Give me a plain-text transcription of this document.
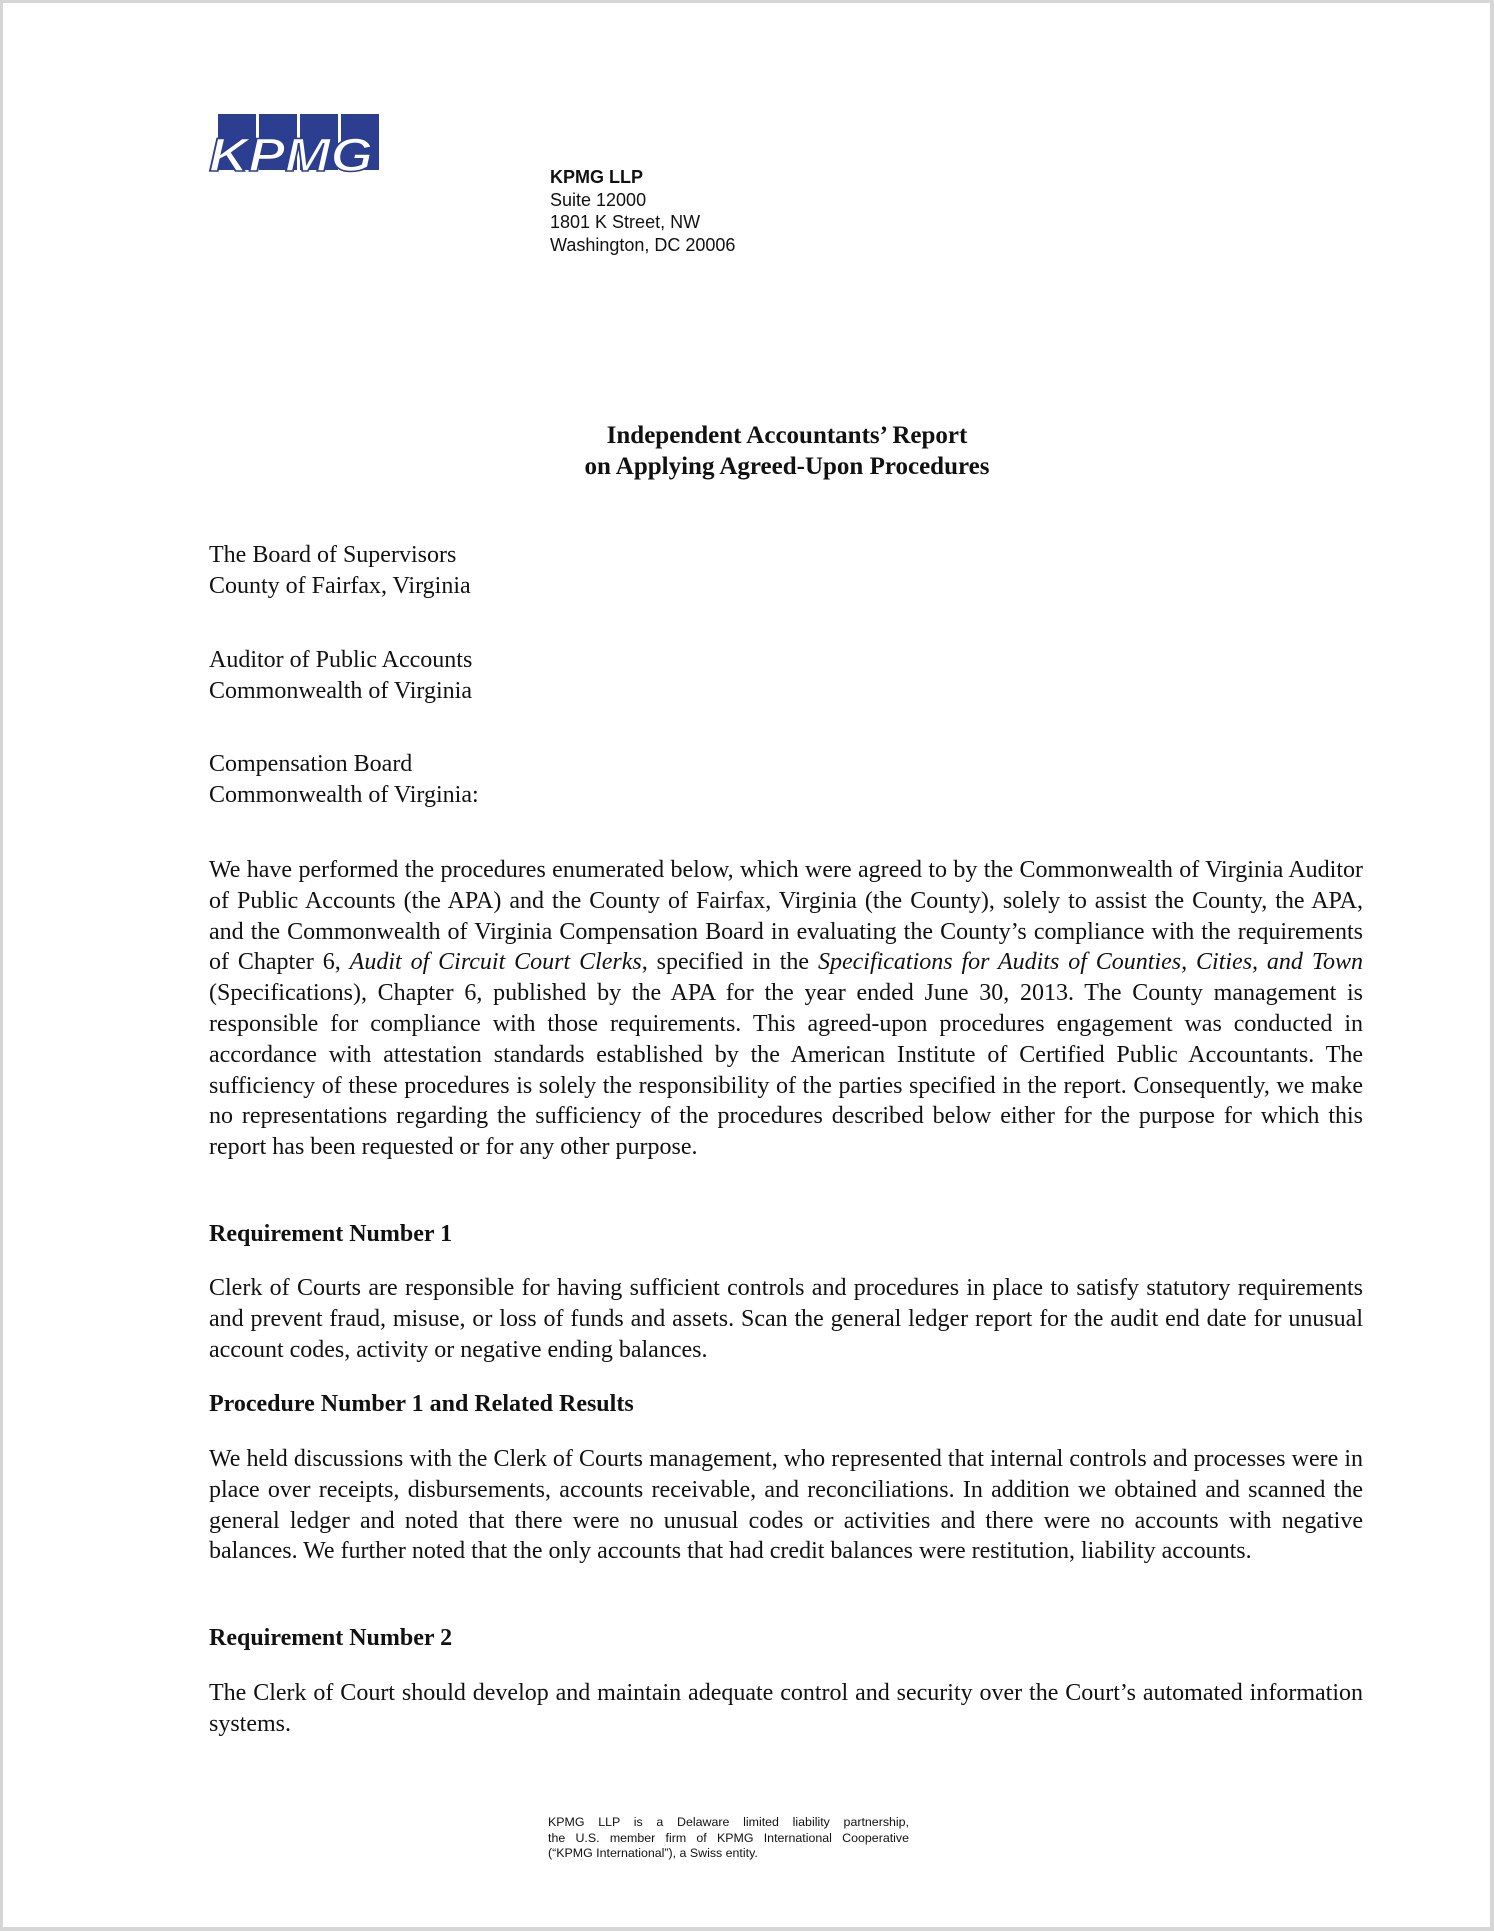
KPMG	KPMG LLP
Suite 12000
1801 K Street, NW
Washington, DC 20006
Independent Accountants’ Report
on Applying Agreed-Upon Procedures
The Board of Supervisors
County of Fairfax, Virginia
Auditor of Public Accounts
Commonwealth of Virginia
Compensation Board
Commonwealth of Virginia:

We have performed the procedures enumerated below, which were agreed to by the Commonwealth of Virginia Auditor of Public Accounts (the APA) and the County of Fairfax, Virginia (the County), solely to assist the County, the APA, and the Commonwealth of Virginia Compensation Board in evaluating the County’s compliance with the requirements of Chapter 6, Audit of Circuit Court Clerks, specified in the Specifications for Audits of Counties, Cities, and Town (Specifications), Chapter 6, published by the APA for the year ended June 30, 2013. The County management is responsible for compliance with those requirements. This agreed-upon procedures engagement was conducted in accordance with attestation standards established by the American Institute of Certified Public Accountants. The sufficiency of these procedures is solely the responsibility of the parties specified in the report. Consequently, we make no representations regarding the sufficiency of the procedures described below either for the purpose for which this report has been requested or for any other purpose.

Requirement Number 1

Clerk of Courts are responsible for having sufficient controls and procedures in place to satisfy statutory requirements and prevent fraud, misuse, or loss of funds and assets. Scan the general ledger report for the audit end date for unusual account codes, activity or negative ending balances.

Procedure Number 1 and Related Results

We held discussions with the Clerk of Courts management, who represented that internal controls and processes were in place over receipts, disbursements, accounts receivable, and reconciliations. In addition we obtained and scanned the general ledger and noted that there were no unusual codes or activities and there were no accounts with negative balances. We further noted that the only accounts that had credit balances were restitution, liability accounts.

Requirement Number 2

The Clerk of Court should develop and maintain adequate control and security over the Court’s automated information systems.

KPMG LLP is a Delaware limited liability partnership,
the U.S. member firm of KPMG International Cooperative
(“KPMG International”), a Swiss entity.
